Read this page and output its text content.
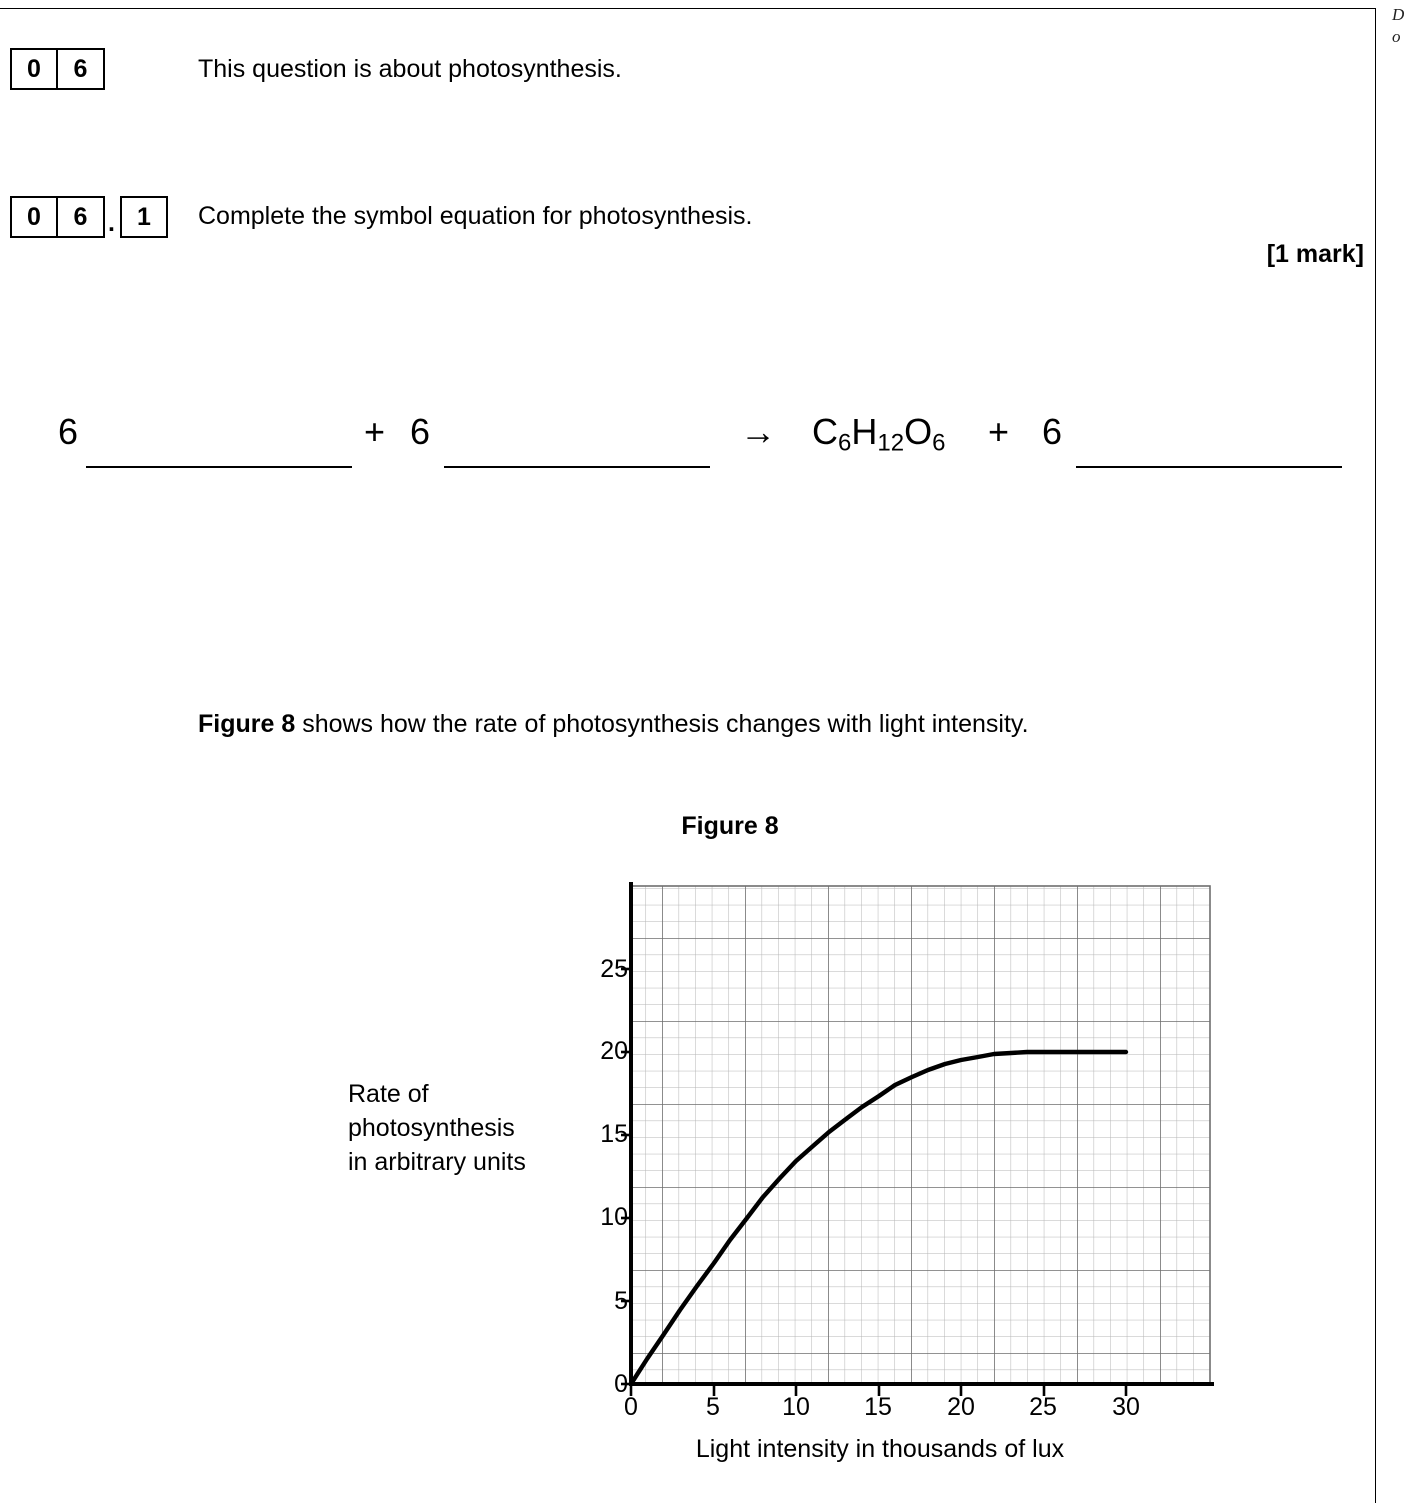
D
o
0	6	This question is about photosynthesis.
0	6 . 1	Complete the symbol equation for photosynthesis.
[1 mark]
6	+ 6	→ $C_6H_{12}O_6 + 6$
Figure 8 shows how the rate of photosynthesis changes with light intensity.
Figure 8
Rate of
photosynthesis
in arbitrary units
0
5
10
15
20
25
0	5	10	15	20	25	30
Light intensity in thousands of lux
